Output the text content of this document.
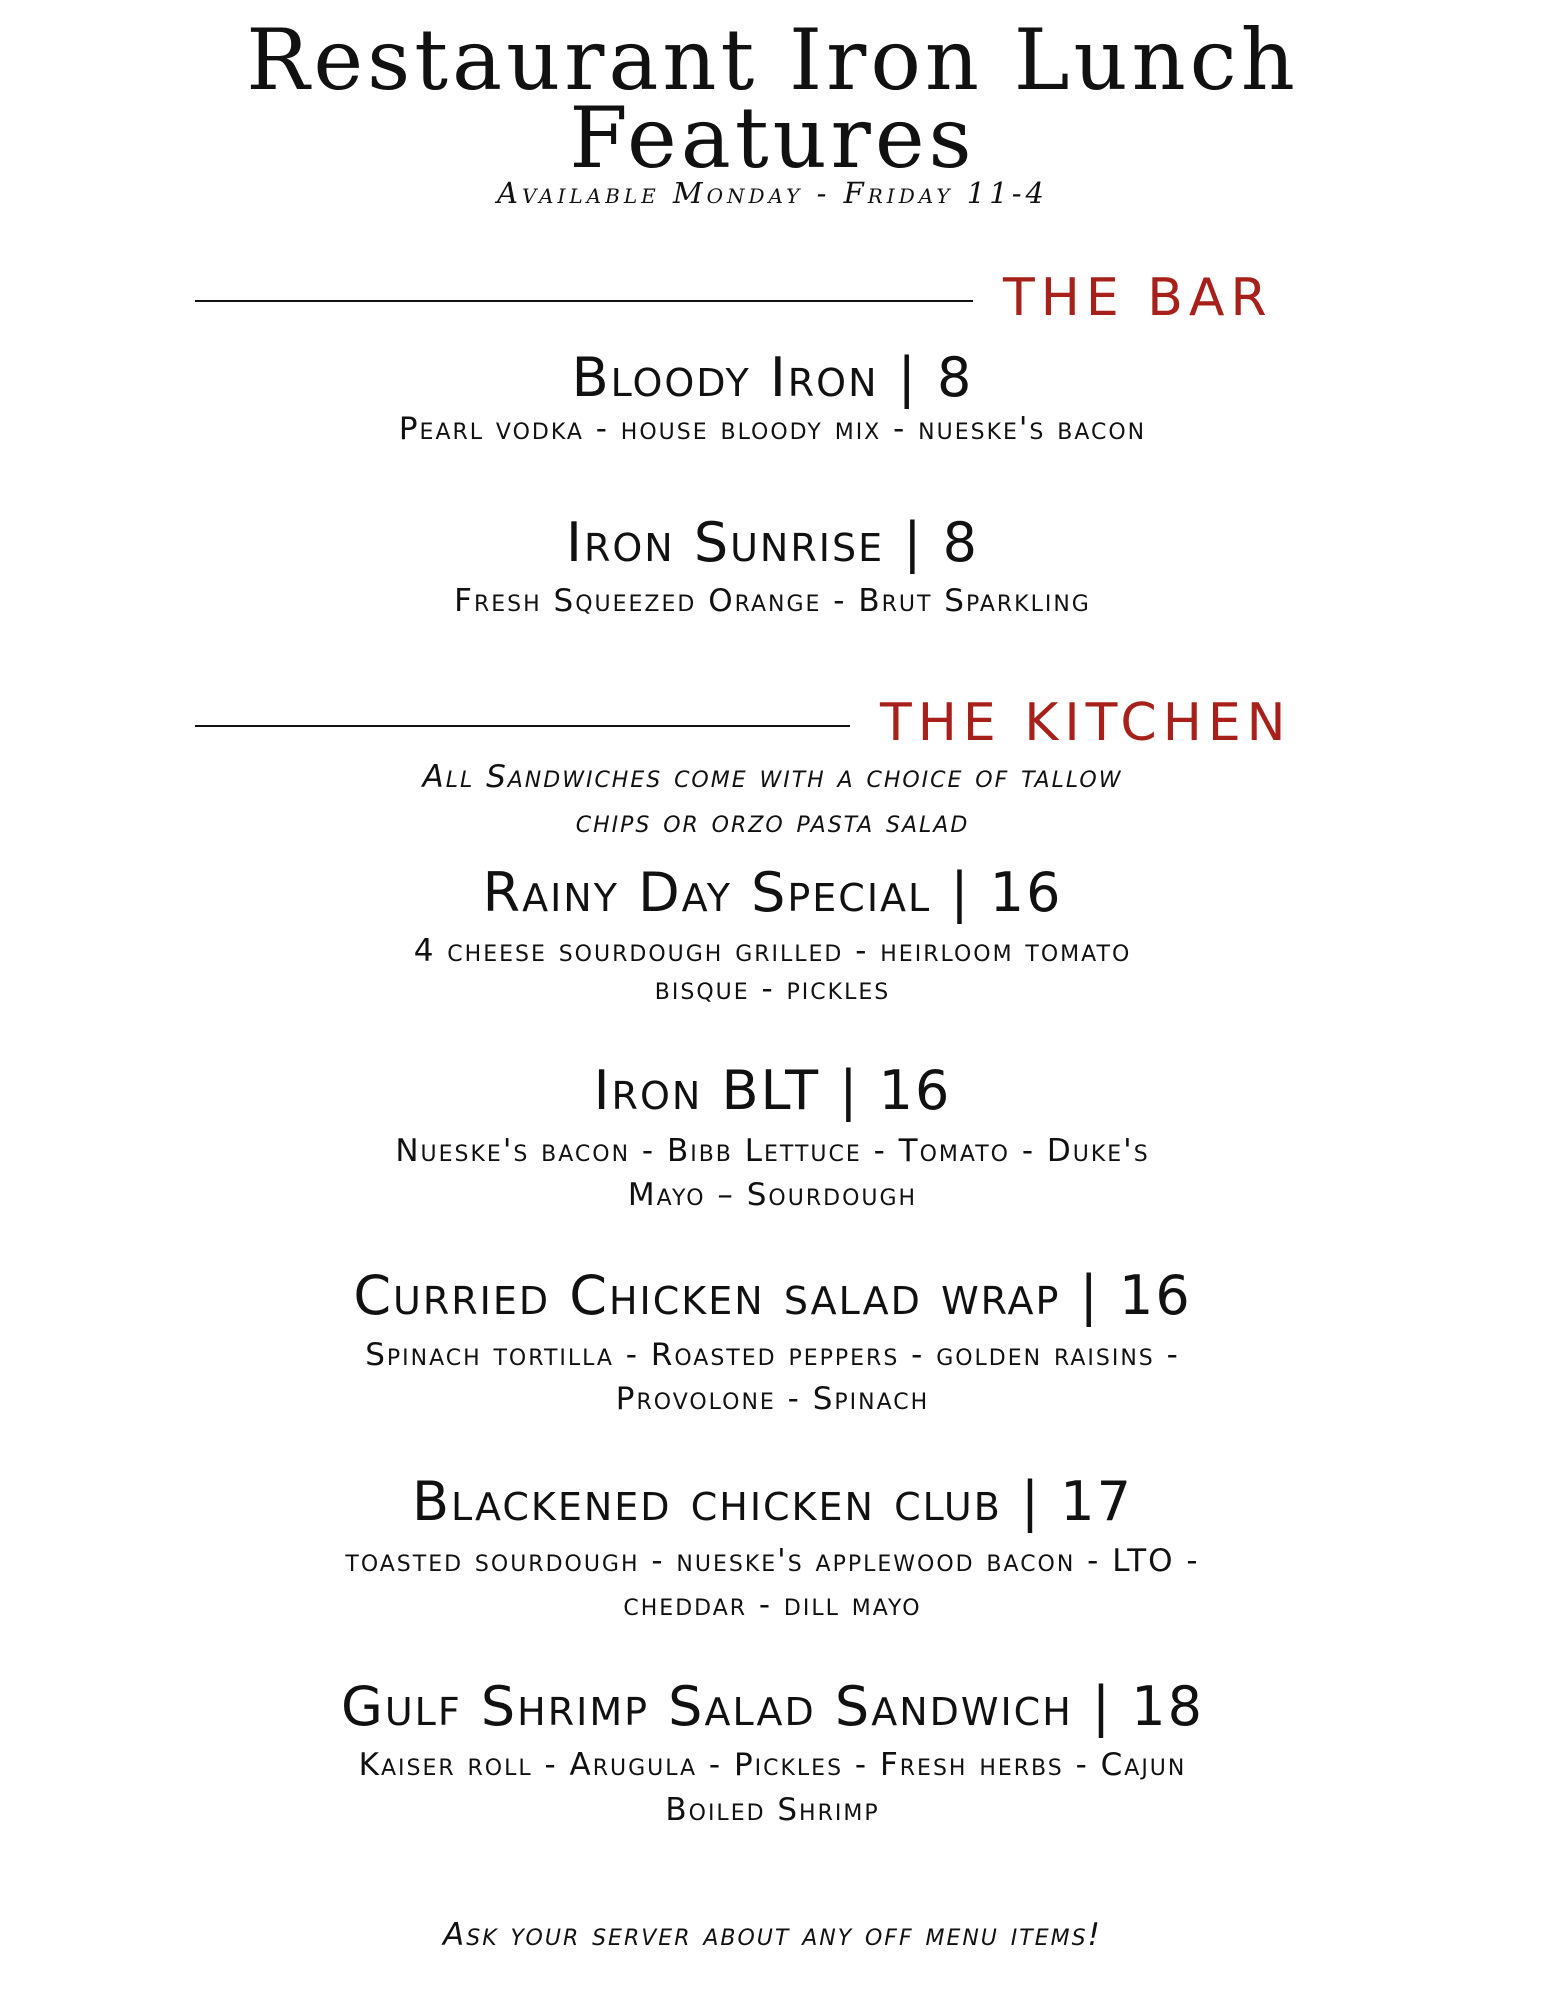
Restaurant Iron Lunch
Features
Available Monday - Friday 11-4
THE BAR
Bloody Iron | 8
Pearl vodka - house bloody mix - nueske's bacon
Iron Sunrise | 8
Fresh Squeezed Orange - Brut Sparkling
THE KITCHEN
All Sandwiches come with a choice of tallow
chips or orzo pasta salad
Rainy Day Special | 16
4 cheese sourdough grilled - heirloom tomato
bisque - pickles
Iron BLT | 16
Nueske's bacon - Bibb Lettuce - Tomato - Duke's
Mayo – Sourdough
Curried Chicken salad wrap | 16
Spinach tortilla - Roasted peppers - golden raisins -
Provolone - Spinach
Blackened chicken club | 17
toasted sourdough - nueske's applewood bacon - LTO -
cheddar - dill mayo
Gulf Shrimp Salad Sandwich | 18
Kaiser roll - Arugula - Pickles - Fresh herbs - Cajun
Boiled Shrimp
Ask your server about any off menu items!
